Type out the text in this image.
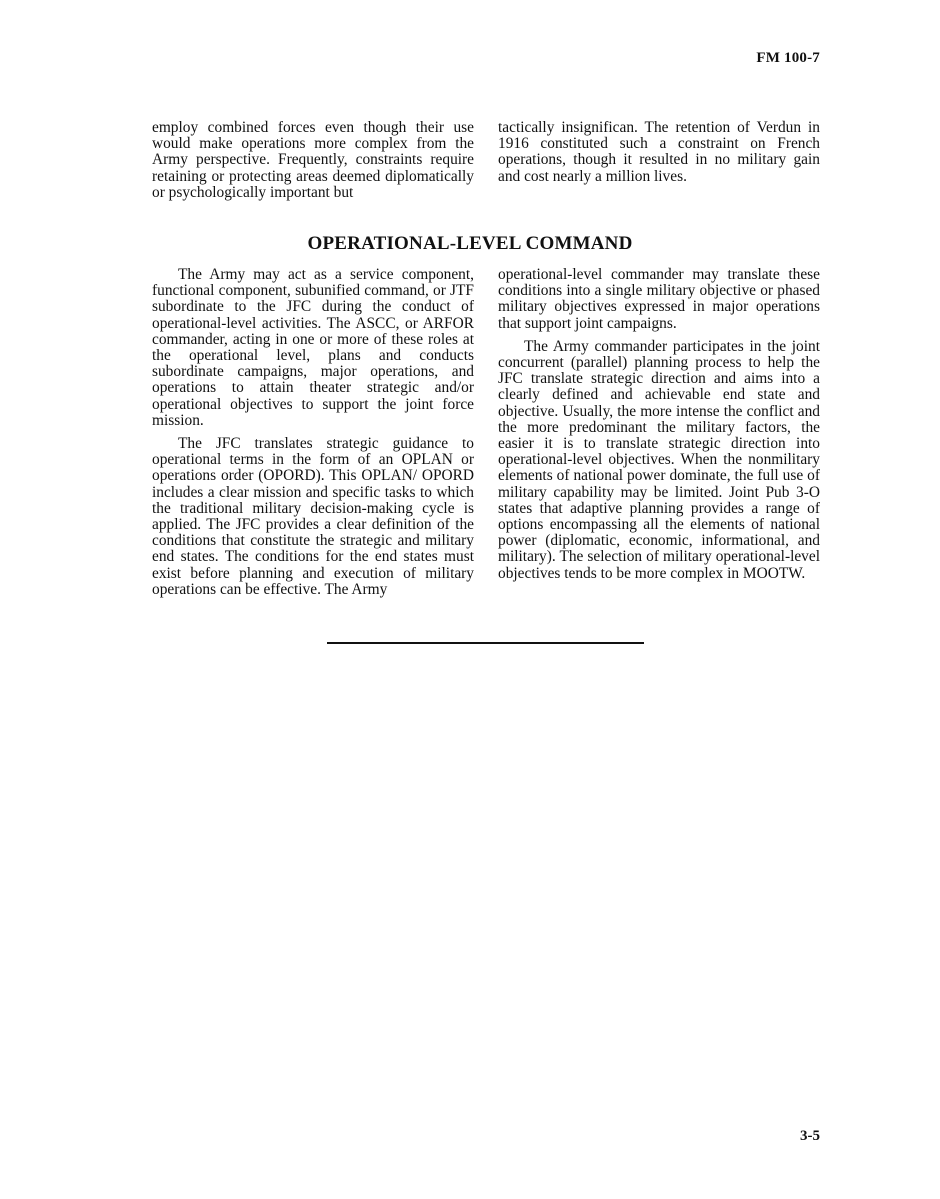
FM 100-7

employ combined forces even though their use would make operations more complex from the Army perspective. Frequently, constraints require retaining or protecting areas deemed diplomatically or psychologically important but

tactically insignifican. The retention of Verdun in 1916 constituted such a constraint on French operations, though it resulted in no military gain and cost nearly a million lives.

OPERATIONAL-LEVEL COMMAND

The Army may act as a service component, functional component, subunified command, or JTF subordinate to the JFC during the conduct of operational-level activities. The ASCC, or ARFOR commander, acting in one or more of these roles at the operational level, plans and conducts subordinate campaigns, major operations, and operations to attain theater strategic and/or operational objectives to support the joint force mission.

The JFC translates strategic guidance to operational terms in the form of an OPLAN or operations order (OPORD). This OPLAN/ OPORD includes a clear mission and specific tasks to which the traditional military decision-making cycle is applied. The JFC provides a clear definition of the conditions that constitute the strategic and military end states. The conditions for the end states must exist before planning and execution of military operations can be effective. The Army

operational-level commander may translate these conditions into a single military objective or phased military objectives expressed in major operations that support joint campaigns.

The Army commander participates in the joint concurrent (parallel) planning process to help the JFC translate strategic direction and aims into a clearly defined and achievable end state and objective. Usually, the more intense the conflict and the more predominant the military factors, the easier it is to translate strategic direction into operational-level objectives. When the nonmilitary elements of national power dominate, the full use of military capability may be limited. Joint Pub 3-O states that adaptive planning provides a range of options encompassing all the elements of national power (diplomatic, economic, informational, and military). The selection of military operational-level objectives tends to be more complex in MOOTW.

3-5
